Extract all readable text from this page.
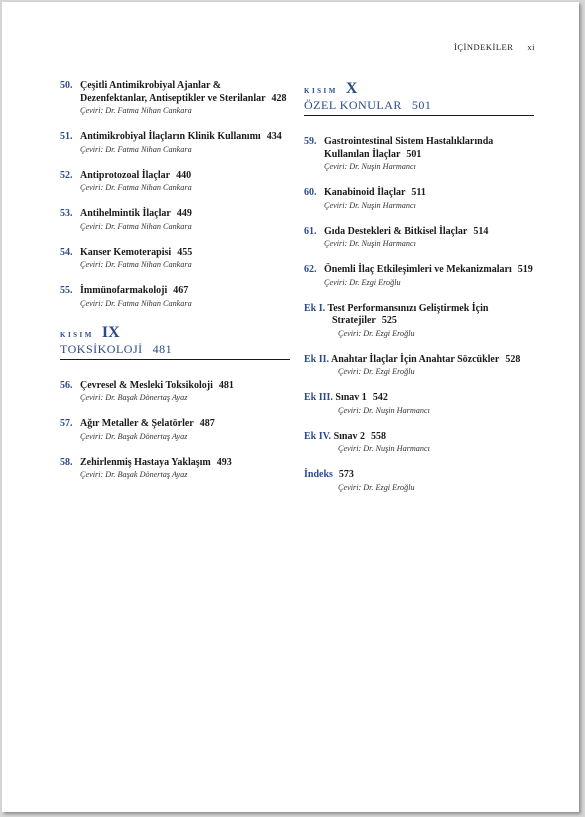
İÇİNDEKİLER xi
50. Çeşitli Antimikrobiyal Ajanlar & Dezenfektanlar, Antiseptikler ve Sterilanlar 428
Çeviri: Dr. Fatma Nihan Cankara
51. Antimikrobiyal İlaçların Klinik Kullanımı 434
Çeviri: Dr. Fatma Nihan Cankara
52. Antiprotozoal İlaçlar 440
Çeviri: Dr. Fatma Nihan Cankara
53. Antihelmintik İlaçlar 449
Çeviri: Dr. Fatma Nihan Cankara
54. Kanser Kemoterapisi 455
Çeviri: Dr. Fatma Nihan Cankara
55. İmmünofarmakoloji 467
Çeviri: Dr. Fatma Nihan Cankara
KISIM IX
TOKSİKOLOJİ 481
56. Çevresel & Mesleki Toksikoloji 481
Çeviri: Dr. Başak Dönertaş Ayaz
57. Ağır Metaller & Şelatörler 487
Çeviri: Dr. Başak Dönertaş Ayaz
58. Zehirlenmiş Hastaya Yaklaşım 493
Çeviri: Dr. Başak Dönertaş Ayaz
KISIM X
ÖZEL KONULAR 501
59. Gastrointestinal Sistem Hastalıklarında Kullanılan İlaçlar 501
Çeviri: Dr. Nuşin Harmancı
60. Kanabinoid İlaçlar 511
Çeviri: Dr. Nuşin Harmancı
61. Gıda Destekleri & Bitkisel İlaçlar 514
Çeviri: Dr. Nuşin Harmancı
62. Önemli İlaç Etkileşimleri ve Mekanizmaları 519
Çeviri: Dr. Ezgi Eroğlu
Ek I. Test Performansınızı Geliştirmek İçin Stratejiler 525
Çeviri: Dr. Ezgi Eroğlu
Ek II. Anahtar İlaçlar İçin Anahtar Sözcükler 528
Çeviri: Dr. Ezgi Eroğlu
Ek III. Sınav 1 542
Çeviri: Dr. Nuşin Harmancı
Ek IV. Sınav 2 558
Çeviri: Dr. Nuşin Harmancı
İndeks 573
Çeviri: Dr. Ezgi Eroğlu
